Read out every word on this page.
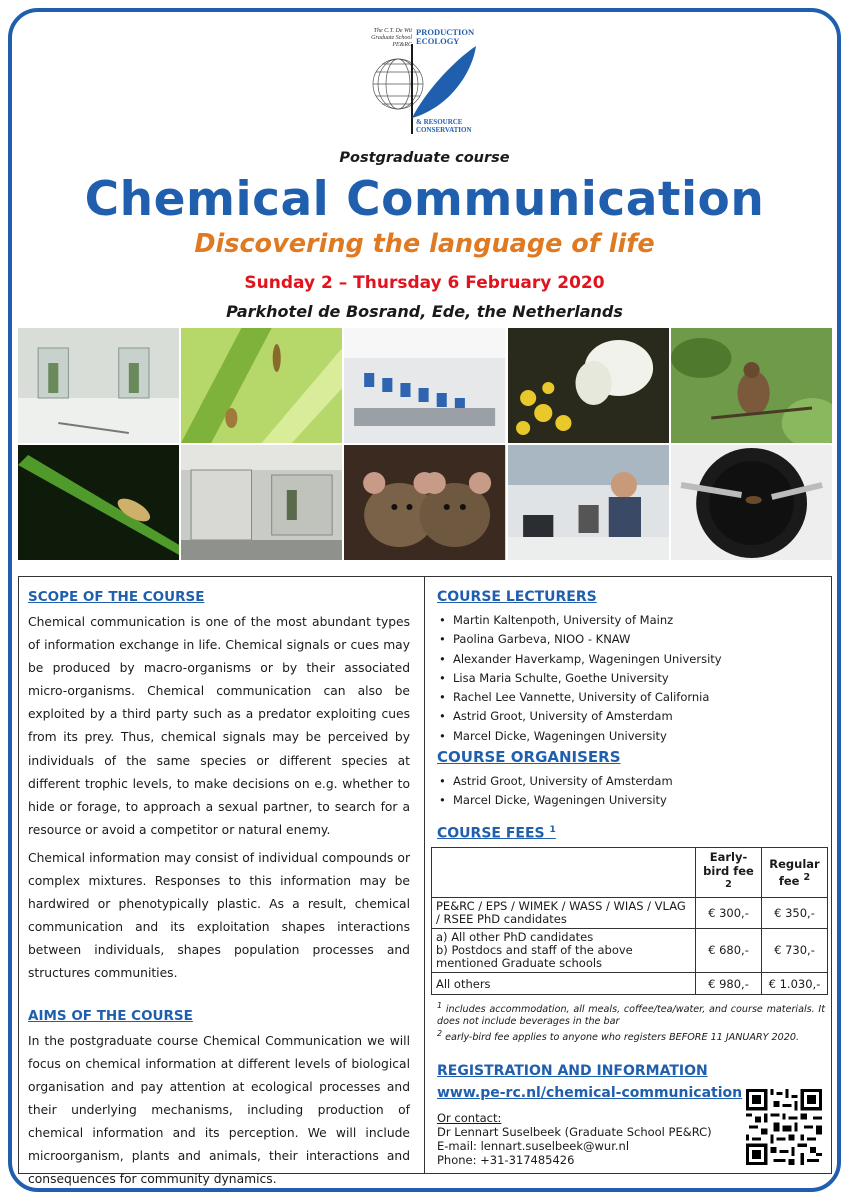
The C.T. De Wit
Graduate School
PE&RC
PRODUCTION
ECOLOGY
& RESOURCE
CONSERVATION
Postgraduate course
Chemical Communication
Discovering the language of life
Sunday 2 – Thursday 6 February 2020
Parkhotel de Bosrand, Ede, the Netherlands
SCOPE OF THE COURSE

Chemical communication is one of the most abundant types of information exchange in life. Chemical signals or cues may be produced by macro-organisms or by their associated micro-organisms. Chemical communication can also be exploited by a third party such as a predator exploiting cues from its prey. Thus, chemical signals may be perceived by individuals of the same species or different species at different trophic levels, to make decisions on e.g. whether to hide or forage, to approach a sexual partner, to search for a resource or avoid a competitor or natural enemy.

Chemical information may consist of individual compounds or complex mixtures. Responses to this information may be hardwired or phenotypically plastic. As a result, chemical communication and its exploitation shapes interactions between individuals, shapes population processes and structures communities.

AIMS OF THE COURSE

In the postgraduate course Chemical Communication we will focus on chemical information at different levels of biological organisation and pay attention at ecological processes and their underlying mechanisms, including production of chemical information and its perception. We will include microorganism, plants and animals, their interactions and consequences for community dynamics.

COURSE LECTURERS
• Martin Kaltenpoth, University of Mainz
• Paolina Garbeva, NIOO - KNAW
• Alexander Haverkamp, Wageningen University
• Lisa Maria Schulte, Goethe University
• Rachel Lee Vannette, University of California
• Astrid Groot, University of Amsterdam
• Marcel Dicke, Wageningen University
COURSE ORGANISERS
• Astrid Groot, University of Amsterdam
• Marcel Dicke, Wageningen University
COURSE FEES $^1$
	Early-bird fee $^2$	Regular fee $^2$
PE&RC / EPS / WIMEK / WASS / WIAS / VLAG / RSEE PhD candidates	€ 300,-	€ 350,-

a) All other PhD candidates
b) Postdocs and staff of the above mentioned Graduate schools	€ 680,-	€ 730,-
All others	€ 980,-	€ 1.030,-
$^1$ includes accommodation, all meals, coffee/tea/water, and course materials. It does not include beverages in the bar
$^2$ early-bird fee applies to anyone who registers BEFORE 11 JANUARY 2020.
REGISTRATION AND INFORMATION
www.pe-rc.nl/chemical-communication
Or contact:
Dr Lennart Suselbeek (Graduate School PE&RC)
E-mail: lennart.suselbeek@wur.nl
Phone: +31-317485426
